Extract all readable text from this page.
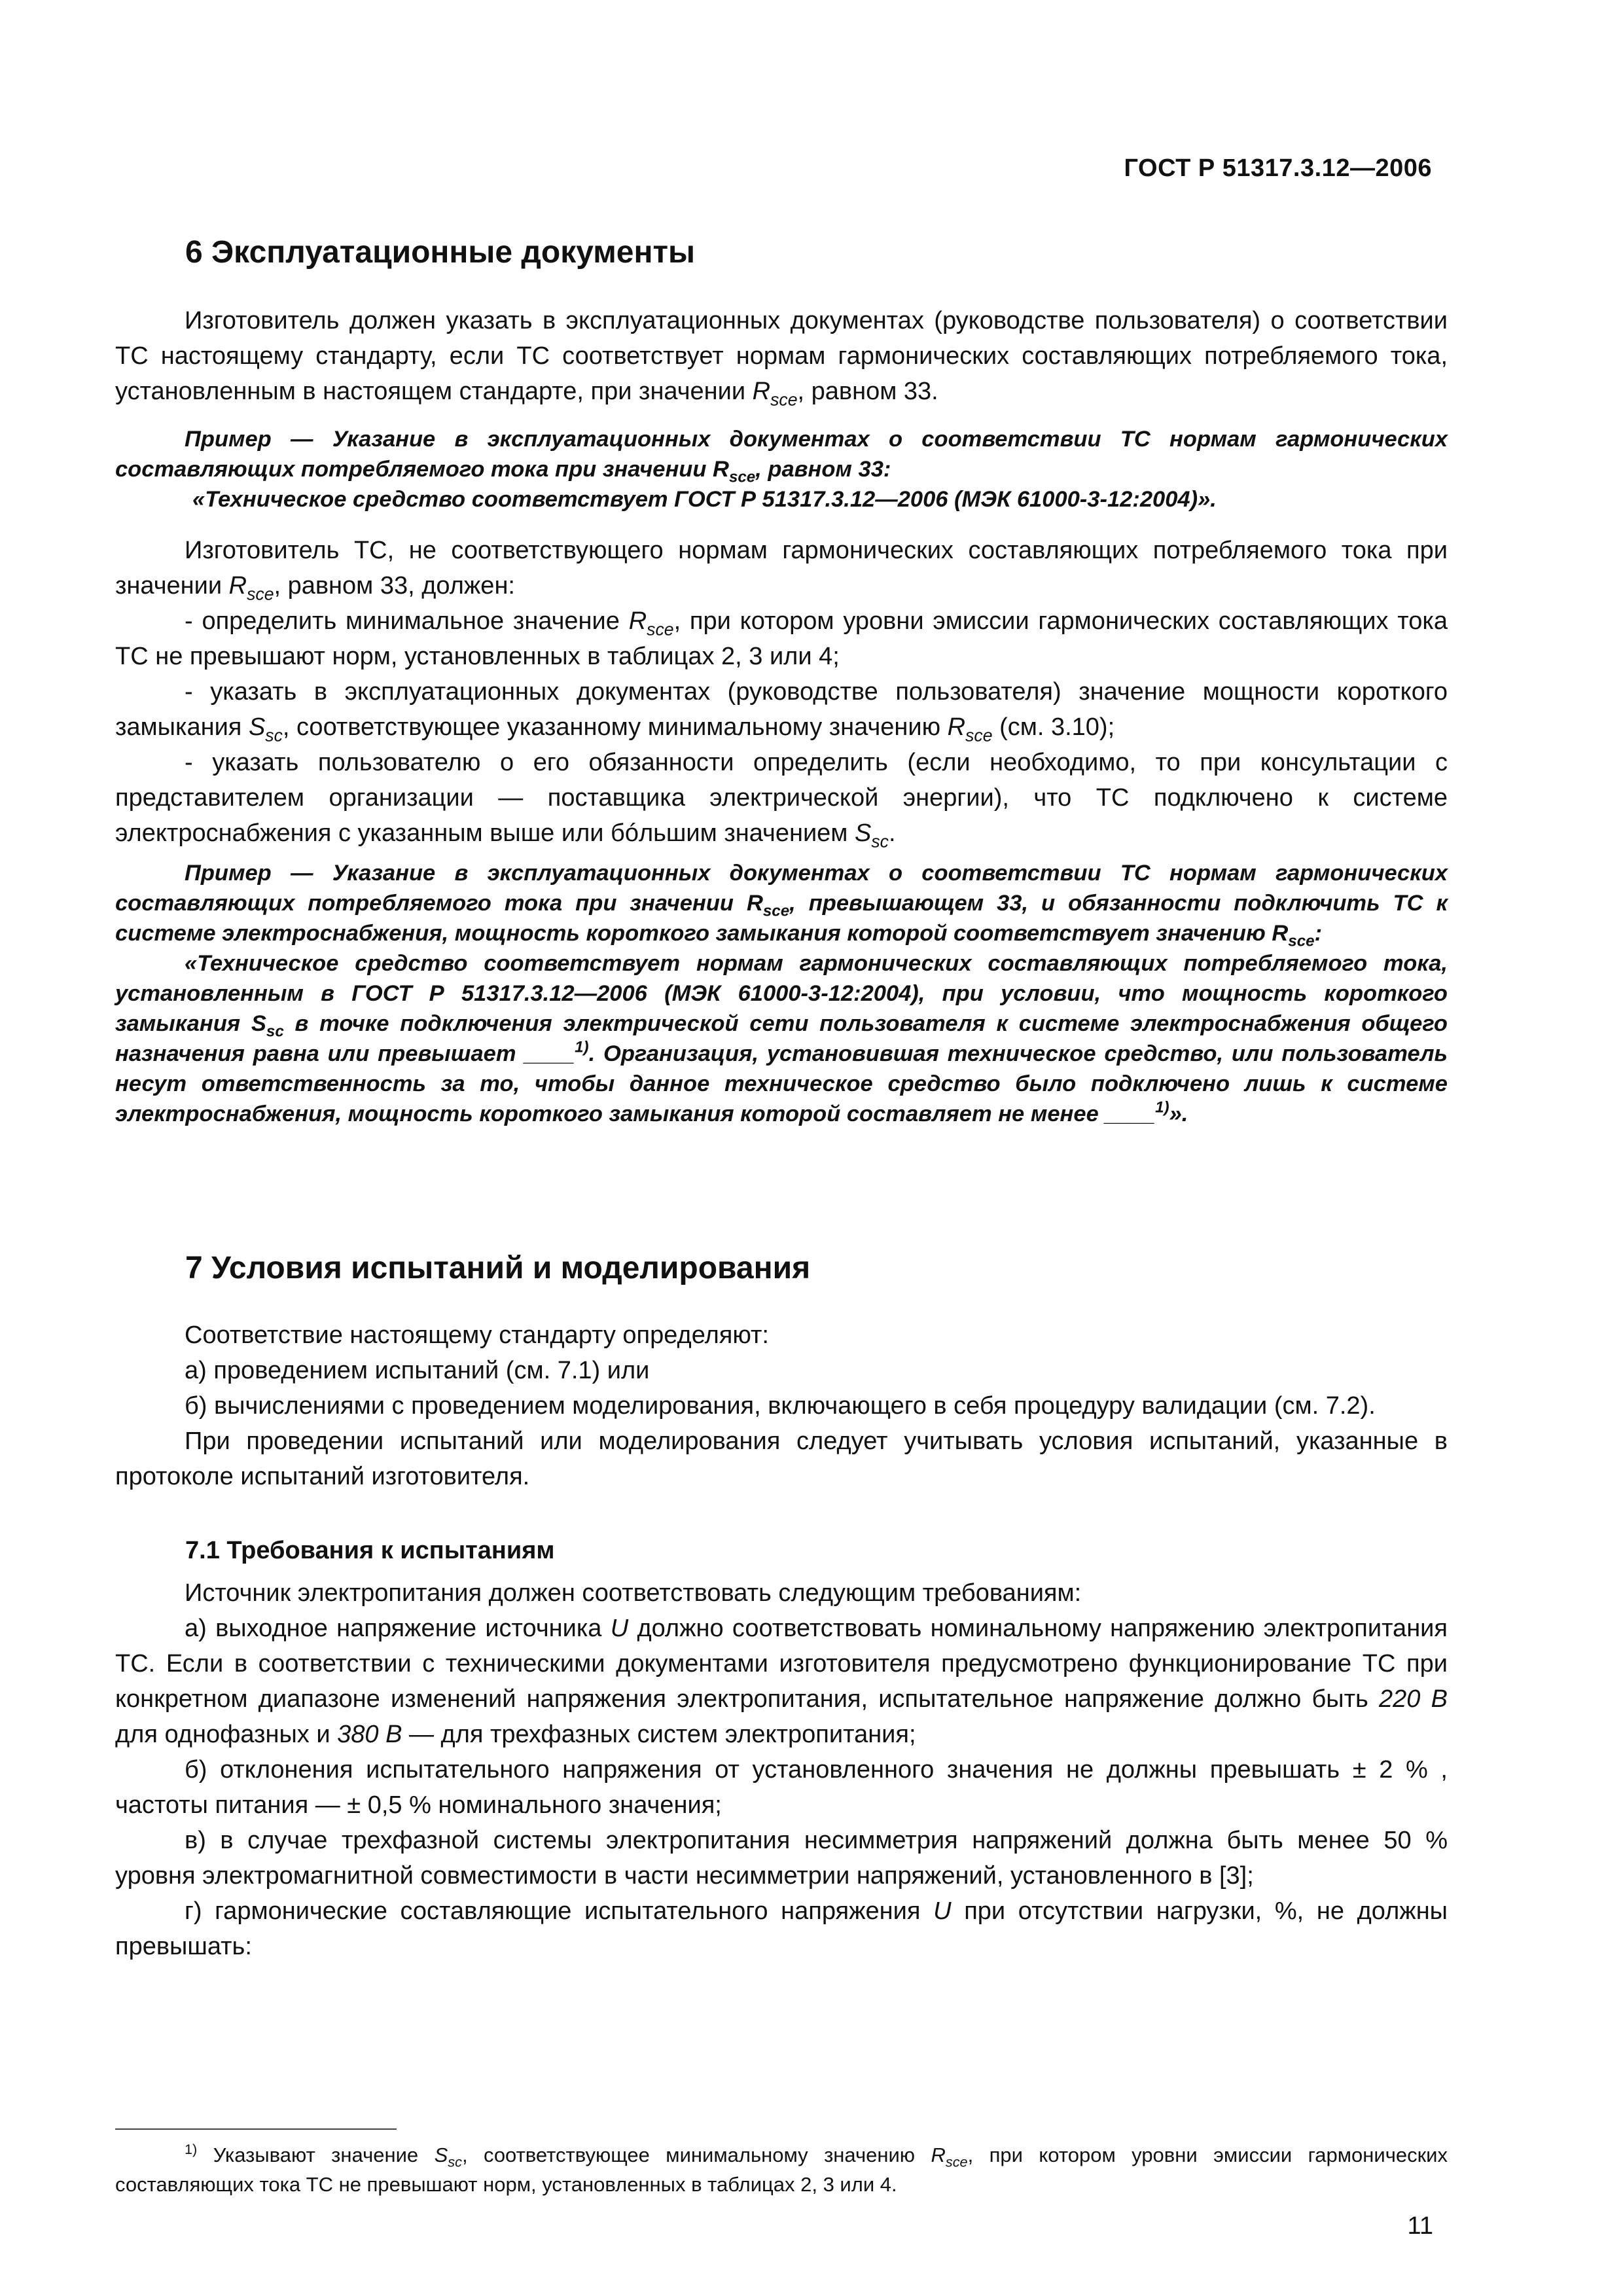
ГОСТ Р 51317.3.12—2006
6 Эксплуатационные документы

Изготовитель должен указать в эксплуатационных документах (руководстве пользователя) о соответствии ТС настоящему стандарту, если ТС соответствует нормам гармонических составляющих потребляемого тока, установленным в настоящем стандарте, при значении $R_{sce}$, равном 33.

Пример — Указание в эксплуатационных документах о соответствии ТС нормам гармонических составляющих потребляемого тока при значении $R_{sce}$, равном 33:

«Техническое средство соответствует ГОСТ Р 51317.3.12—2006 (МЭК 61000-3-12:2004)».

Изготовитель ТС, не соответствующего нормам гармонических составляющих потребляемого тока при значении $R_{sce}$, равном 33, должен:

- определить минимальное значение $R_{sce}$, при котором уровни эмиссии гармонических составляющих тока ТС не превышают норм, установленных в таблицах 2, 3 или 4;

- указать в эксплуатационных документах (руководстве пользователя) значение мощности короткого замыкания $S_{sc}$, соответствующее указанному минимальному значению $R_{sce}$ (см. 3.10);

- указать пользователю о его обязанности определить (если необходимо, то при консультации с представителем организации — поставщика электрической энергии), что ТС подключено к системе электроснабжения с указанным выше или бóльшим значением $S_{sc}$.

Пример — Указание в эксплуатационных документах о соответствии ТС нормам гармонических составляющих потребляемого тока при значении $R_{sce}$, превышающем 33, и обязанности подключить ТС к системе электроснабжения, мощность короткого замыкания которой соответствует значению $R_{sce}$:

«Техническое средство соответствует нормам гармонических составляющих потребляемого тока, установленным в ГОСТ Р 51317.3.12—2006 (МЭК 61000-3-12:2004), при условии, что мощность короткого замыкания $S_{sc}$ в точке подключения электрической сети пользователя к системе электроснабжения общего назначения равна или превышает ____$^{1)}$. Организация, установившая техническое средство, или пользователь несут ответственность за то, чтобы данное техническое средство было подключено лишь к системе электроснабжения, мощность короткого замыкания которой составляет не менее ____$^{1)}$».

7 Условия испытаний и моделирования

Соответствие настоящему стандарту определяют:

а) проведением испытаний (см. 7.1) или

б) вычислениями с проведением моделирования, включающего в себя процедуру валидации (см. 7.2).

При проведении испытаний или моделирования следует учитывать условия испытаний, указанные в протоколе испытаний изготовителя.

7.1 Требования к испытаниям

Источник электропитания должен соответствовать следующим требованиям:

а) выходное напряжение источника U должно соответствовать номинальному напряжению электропитания ТС. Если в соответствии с техническими документами изготовителя предусмотрено функционирование ТС при конкретном диапазоне изменений напряжения электропитания, испытательное напряжение должно быть 220 В для однофазных и 380 В — для трехфазных систем электропитания;

б) отклонения испытательного напряжения от установленного значения не должны превышать ± 2 % , частоты питания — ± 0,5 % номинального значения;

в) в случае трехфазной системы электропитания несимметрия напряжений должна быть менее 50 % уровня электромагнитной совместимости в части несимметрии напряжений, установленного в [3];

г) гармонические составляющие испытательного напряжения U при отсутствии нагрузки, %, не должны превышать:

$^{1)}$ Указывают значение $S_{sc}$, соответствующее минимальному значению $R_{sce}$, при котором уровни эмиссии гармонических составляющих тока ТС не превышают норм, установленных в таблицах 2, 3 или 4.

11
